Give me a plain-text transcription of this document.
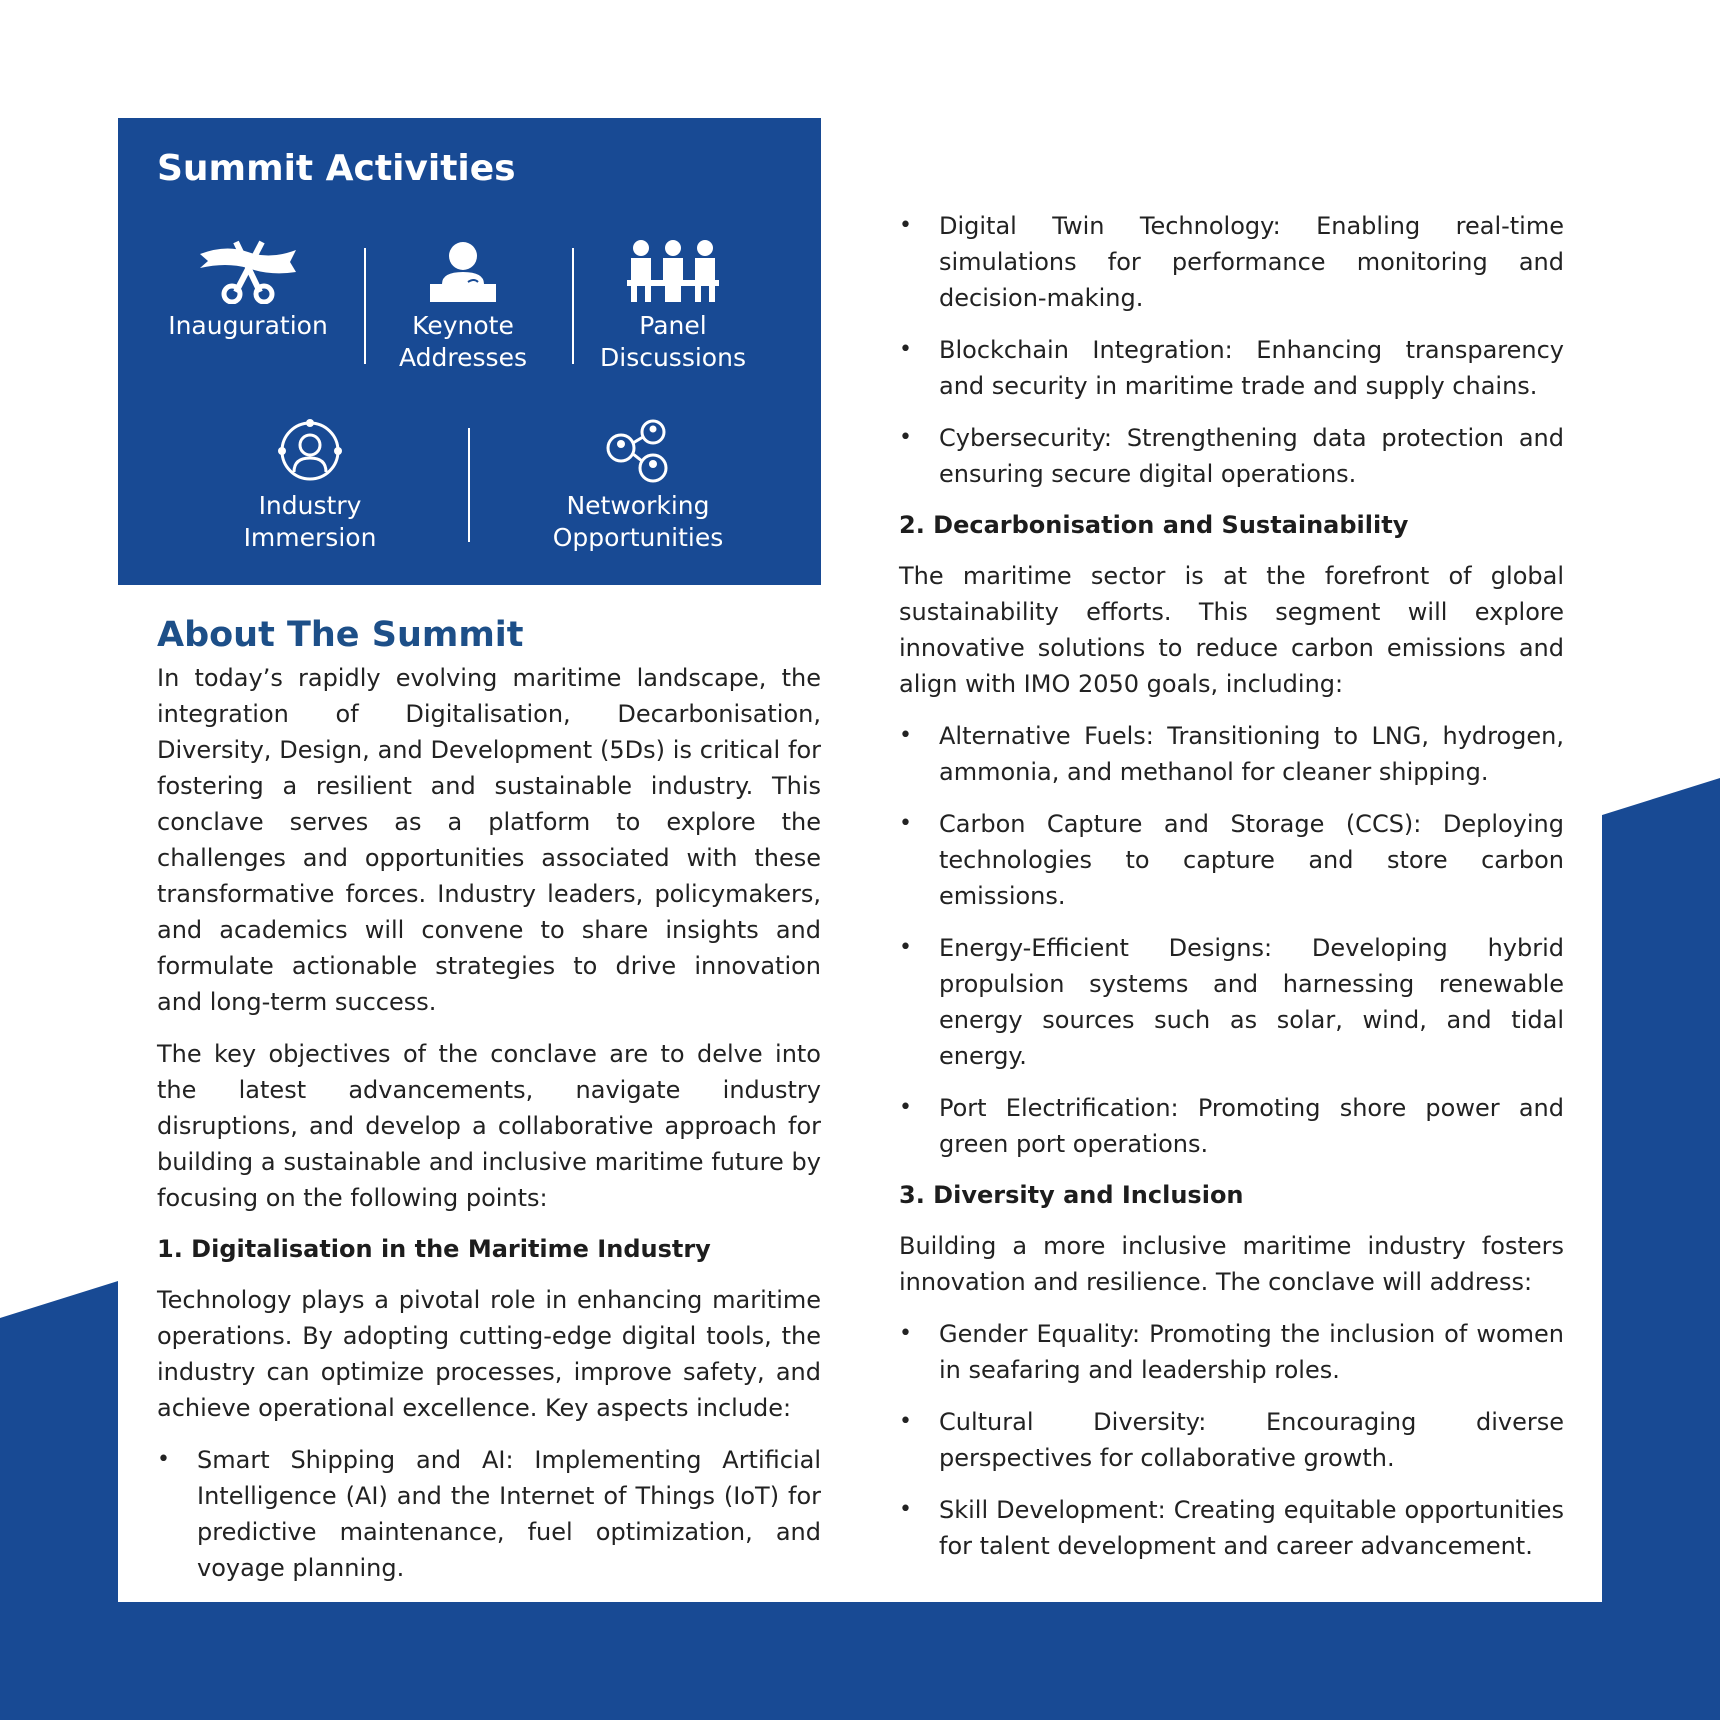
Summit Activities
Inauguration	Keynote
Addresses
Panel
Discussions
Industry
Immersion
Networking
Opportunities
About The Summit

In today’s rapidly evolving maritime landscape, the integration of Digitalisation, Decarbonisation, Diversity, Design, and Development (5Ds) is critical for fostering a resilient and sustainable industry. This conclave serves as a platform to explore the challenges and opportunities associated with these transformative forces. Industry leaders, policymakers, and academics will convene to share insights and formulate actionable strategies to drive innovation and long-term success.

The key objectives of the conclave are to delve into the latest advancements, navigate industry disruptions, and develop a collaborative approach for building a sustainable and inclusive maritime future by focusing on the following points:

1. Digitalisation in the Maritime Industry

Technology plays a pivotal role in enhancing maritime operations. By adopting cutting-edge digital tools, the industry can optimize processes, improve safety, and achieve operational excellence. Key aspects include:

• Smart Shipping and AI: Implementing Artificial Intelligence (AI) and the Internet of Things (IoT) for predictive maintenance, fuel optimization, and voyage planning.
• Digital Twin Technology: Enabling real-time simulations for performance monitoring and decision-making.
• Blockchain Integration: Enhancing transparency and security in maritime trade and supply chains.
• Cybersecurity: Strengthening data protection and ensuring secure digital operations.
2. Decarbonisation and Sustainability

The maritime sector is at the forefront of global sustainability efforts. This segment will explore innovative solutions to reduce carbon emissions and align with IMO 2050 goals, including:

• Alternative Fuels: Transitioning to LNG, hydrogen, ammonia, and methanol for cleaner shipping.
• Carbon Capture and Storage (CCS): Deploying technologies to capture and store carbon emissions.
• Energy-Efficient Designs: Developing hybrid propulsion systems and harnessing renewable energy sources such as solar, wind, and tidal energy.
• Port Electrification: Promoting shore power and green port operations.
3. Diversity and Inclusion

Building a more inclusive maritime industry fosters innovation and resilience. The conclave will address:

• Gender Equality: Promoting the inclusion of women in seafaring and leadership roles.
• Cultural Diversity: Encouraging diverse perspectives for collaborative growth.
• Skill Development: Creating equitable opportunities for talent development and career advancement.
